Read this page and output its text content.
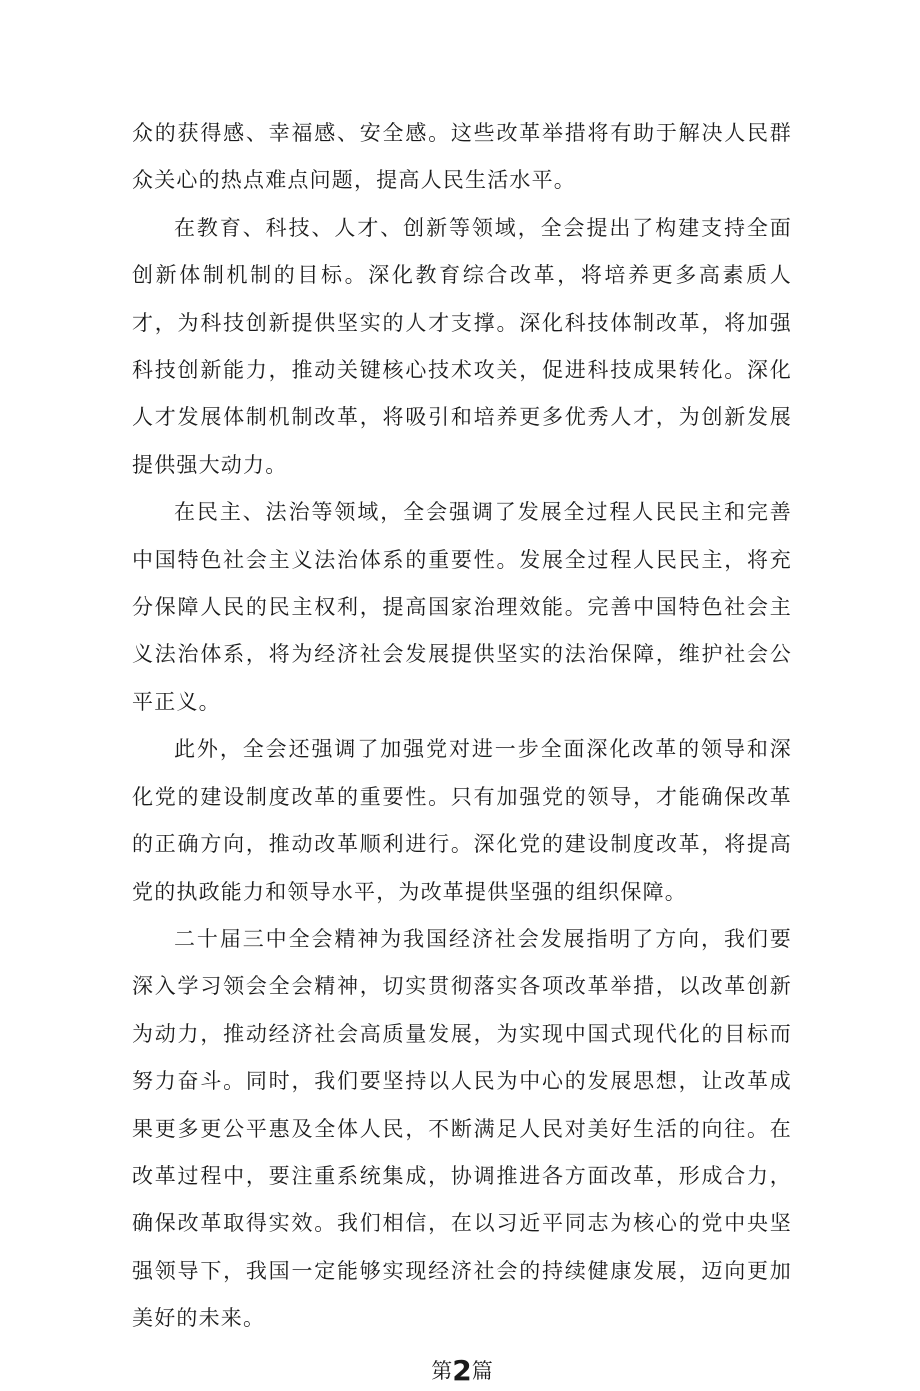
众的获得感、幸福感、安全感。这些改革举措将有助于解决人民群众关心的热点难点问题，提高人民生活水平。

在教育、科技、人才、创新等领域，全会提出了构建支持全面创新体制机制的目标。深化教育综合改革，将培养更多高素质人才，为科技创新提供坚实的人才支撑。深化科技体制改革，将加强科技创新能力，推动关键核心技术攻关，促进科技成果转化。深化人才发展体制机制改革，将吸引和培养更多优秀人才，为创新发展提供强大动力。

在民主、法治等领域，全会强调了发展全过程人民民主和完善中国特色社会主义法治体系的重要性。发展全过程人民民主，将充分保障人民的民主权利，提高国家治理效能。完善中国特色社会主义法治体系，将为经济社会发展提供坚实的法治保障，维护社会公平正义。

此外，全会还强调了加强党对进一步全面深化改革的领导和深化党的建设制度改革的重要性。只有加强党的领导，才能确保改革的正确方向，推动改革顺利进行。深化党的建设制度改革，将提高党的执政能力和领导水平，为改革提供坚强的组织保障。

二十届三中全会精神为我国经济社会发展指明了方向，我们要深入学习领会全会精神，切实贯彻落实各项改革举措，以改革创新为动力，推动经济社会高质量发展，为实现中国式现代化的目标而努力奋斗。同时，我们要坚持以人民为中心的发展思想，让改革成果更多更公平惠及全体人民，不断满足人民对美好生活的向往。在改革过程中，要注重系统集成，协调推进各方面改革，形成合力，确保改革取得实效。我们相信，在以习近平同志为核心的党中央坚强领导下，我国一定能够实现经济社会的持续健康发展，迈向更加美好的未来。

第2篇
